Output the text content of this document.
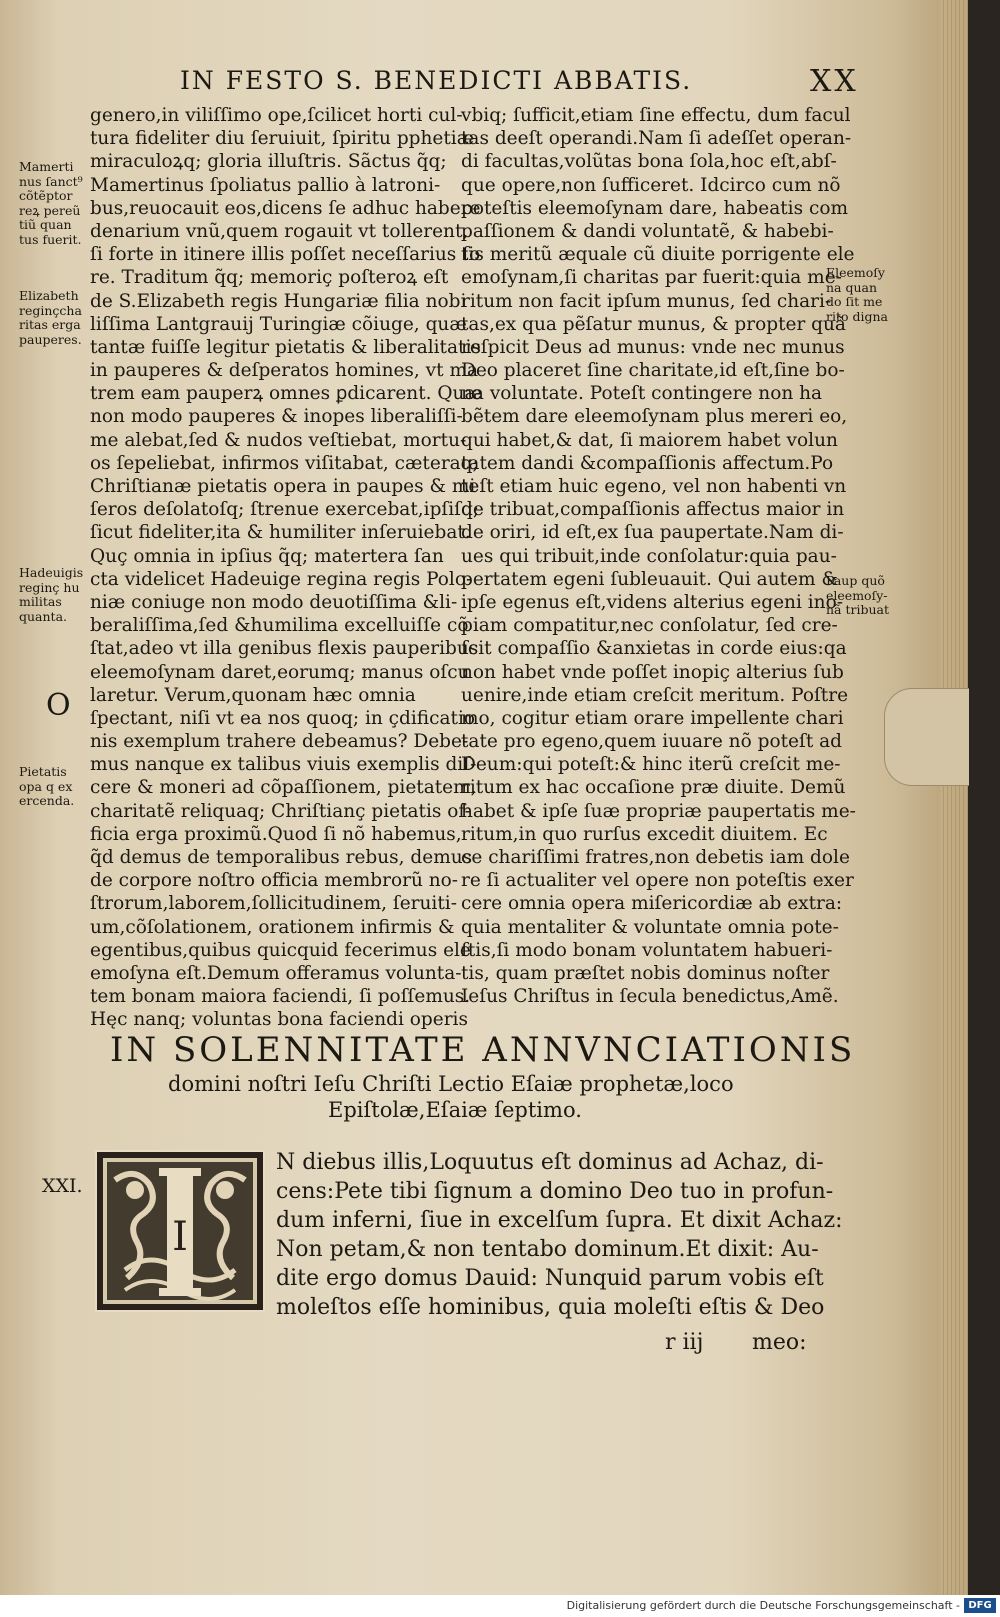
IN FESTO S. BENEDICTI ABBATIS.	XX
Mamerti
nus ſanct⁹
cõtẽptor
reꝝ pereũ
tiũ quan
tus fuerit.
Elizabeth
reginçcha
ritas erga
pauperes.
Hadeuigis
reginç hu
militas
quanta.
O
Pietatis
opa q ex
ercenda.
Eleemoſy
na quan
do ſit me
rito digna
Paup quõ
eleemoſy-
nã tribuat
genero,in viliſſimo ope,ſcilicet horti cul-
tura fideliter diu ſeruiuit, ſpiritu pphetiæ
miraculoꝝq; gloria illuſtris. Sãctus q̃q;
Mamertinus ſpoliatus pallio à latroni-
bus,reuocauit eos,dicens ſe adhuc habere
denarium vnũ,quem rogauit vt tollerent,
ſi forte in itinere illis poſſet neceſſarius ſo
re. Traditum q̃q; memoriç poſteroꝝ eſt
de S.Elizabeth regis Hungariæ filia nobi
liſſima Lantgrauij Turingiæ cõiuge, quæ
tantæ fuiſſe legitur pietatis & liberalitatis
in pauperes & deſperatos homines, vt ma
trem eam pauperꝝ omnes ꝑdicarent. Quæ
non modo pauperes & inopes liberaliſſi-
me alebat,ſed & nudos veſtiebat, mortu-
os ſepeliebat, infirmos viſitabat, cæteraq;
Chriſtianæ pietatis opera in paupes & mi
ſeros deſolatoſq; ſtrenue exercebat,ipſiſq;
ſicut fideliter,ita & humiliter inſeruiebat.
Quç omnia in ipſius q̃q; matertera ſan
cta videlicet Hadeuige regina regis Polo-
niæ coniuge non modo deuotiſſima &li-
beraliſſima,ſed &humilima excelluiſſe cõ
ſtat,adeo vt illa genibus flexis pauperibus
eleemoſynam daret,eorumq; manus oſcu
laretur. Verum,quonam hæc omnia
ſpectant, niſi vt ea nos quoq; in çdificatio
nis exemplum trahere debeamus? Debe-
mus nanque ex talibus viuis exemplis diſ-
cere & moneri ad cõpaſſionem, pietatem,
charitatẽ reliquaq; Chriſtianç pietatis of-
ficia erga proximũ.Quod ſi nõ habemus,
q̃d demus de temporalibus rebus, demus
de corpore noſtro officia membrorũ no-
ſtrorum,laborem,ſollicitudinem, ſeruiti-
um,cõſolationem, orationem infirmis &
egentibus,quibus quicquid fecerimus ele
emoſyna eſt.Demum offeramus volunta-
tem bonam maiora faciendi, ſi poſſemus.
Hęc nanq; voluntas bona faciendi operis
vbiq; ſufficit,etiam ſine effectu, dum facul
tas deeſt operandi.Nam ſi adeſſet operan-
di facultas,volũtas bona ſola,hoc eſt,abſ-
que opere,non ſufficeret. Idcirco cum nõ
poteſtis eleemoſynam dare, habeatis com
paſſionem & dandi voluntatẽ, & habebi-
tis meritũ æquale cũ diuite porrigente ele
emoſynam,ſi charitas par fuerit:quia me-
ritum non facit ipſum munus, ſed chari-
tas,ex qua pẽſatur munus, & propter quã
reſpicit Deus ad munus: vnde nec munus
Deo placeret ſine charitate,id eſt,ſine bo-
na voluntate. Poteſt contingere non ha
bẽtem dare eleemoſynam plus mereri eo,
qui habet,& dat, ſi maiorem habet volun
tatem dandi &compaſſionis affectum.Po
teſt etiam huic egeno, vel non habenti vn
de tribuat,compaſſionis affectus maior in
de oriri, id eſt,ex ſua paupertate.Nam di-
ues qui tribuit,inde conſolatur:quia pau-
pertatem egeni ſubleuauit. Qui autem &
ipſe egenus eſt,videns alterius egeni ino-
piam compatitur,nec conſolatur, ſed cre-
ſcit compaſſio &anxietas in corde eius:qa
non habet vnde poſſet inopiç alterius ſub
uenire,inde etiam creſcit meritum. Poſtre
mo, cogitur etiam orare impellente chari
tate pro egeno,quem iuuare nõ poteſt ad
Deum:qui poteſt:& hinc iterũ creſcit me-
ritum ex hac occaſione præ diuite. Demũ
habet & ipſe ſuæ propriæ paupertatis me-
ritum,in quo rurſus excedit diuitem. Ec
ce chariſſimi fratres,non debetis iam dole
re ſi actualiter vel opere non poteſtis exer
cere omnia opera miſericordiæ ab extra:
quia mentaliter & voluntate omnia pote-
ſtis,ſi modo bonam voluntatem habueri-
tis, quam præſtet nobis dominus noſter
Ieſus Chriſtus in ſecula benedictus,Amẽ.
IN SOLENNITATE ANNVNCIATIONIS
domini noſtri Ieſu Chriſti Lectio Eſaiæ prophetæ,loco
Epiſtolæ,Eſaiæ ſeptimo.
XXI.
I
N diebus illis,Loquutus eſt dominus ad Achaz, di-
cens:Pete tibi ſignum a domino Deo tuo in profun-
dum inferni, ſiue in excelſum ſupra. Et dixit Achaz:
Non petam,& non tentabo dominum.Et dixit: Au-
dite ergo domus Dauid: Nunquid parum vobis eſt
moleſtos eſſe hominibus, quia moleſti eſtis & Deo
r iij meo:
Digitalisierung gefördert durch die Deutsche Forschungsgemeinschaft - DFG
